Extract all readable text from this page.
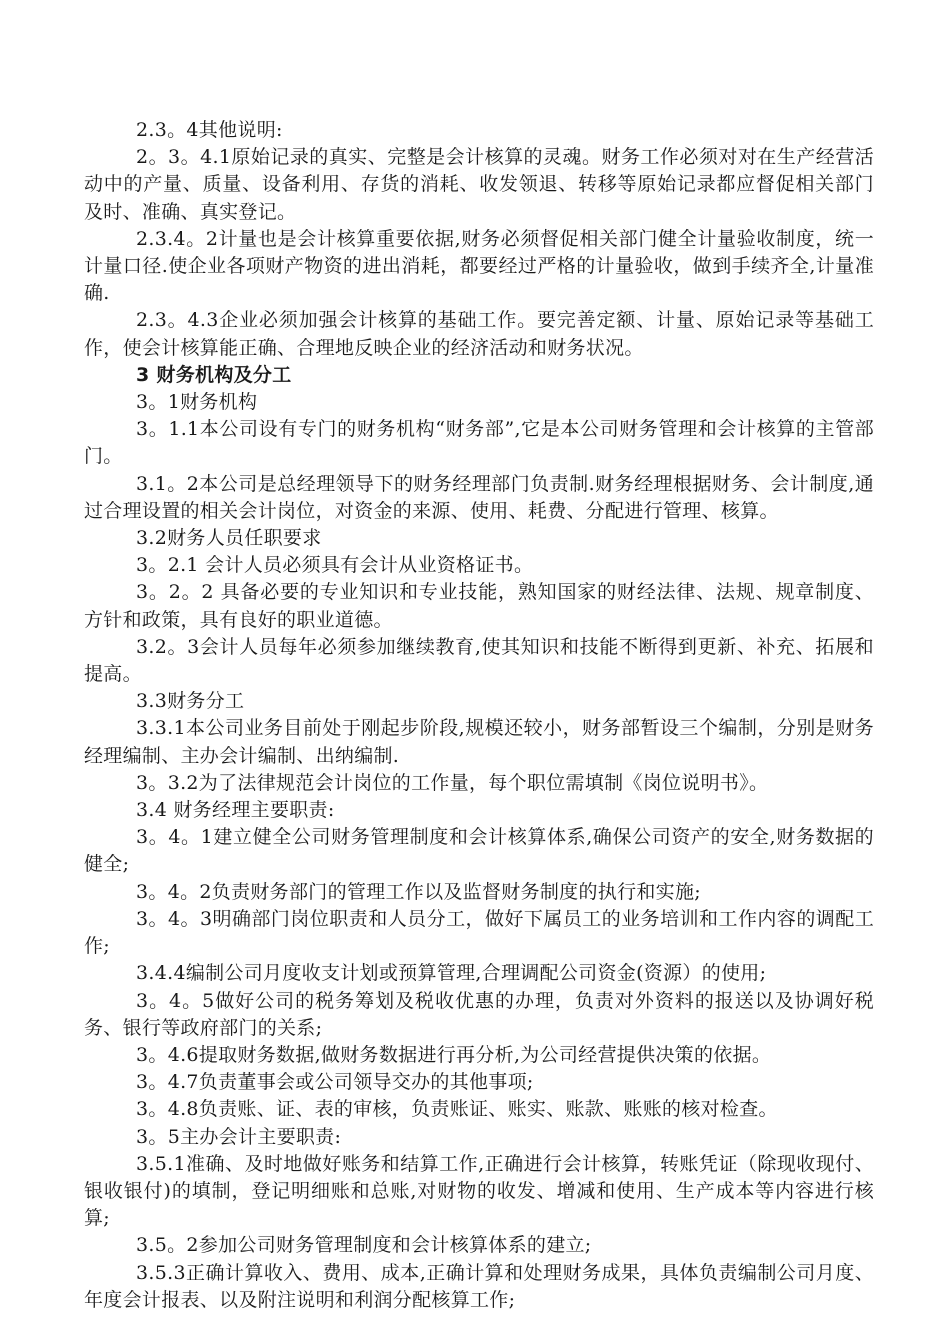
2.3。4其他说明:

2。3。4.1原始记录的真实、完整是会计核算的灵魂。财务工作必须对对在生产经营活动中的产量、质量、设备利用、存货的消耗、收发领退、转移等原始记录都应督促相关部门及时、准确、真实登记。

2.3.4。2计量也是会计核算重要依据,财务必须督促相关部门健全计量验收制度，统一计量口径.使企业各项财产物资的进出消耗，都要经过严格的计量验收，做到手续齐全,计量准确.

2.3。4.3企业必须加强会计核算的基础工作。要完善定额、计量、原始记录等基础工作，使会计核算能正确、合理地反映企业的经济活动和财务状况。

3 财务机构及分工

3。1财务机构

3。1.1本公司设有专门的财务机构“财务部”,它是本公司财务管理和会计核算的主管部门。

3.1。2本公司是总经理领导下的财务经理部门负责制.财务经理根据财务、会计制度,通过合理设置的相关会计岗位，对资金的来源、使用、耗费、分配进行管理、核算。

3.2财务人员任职要求

3。2.1 会计人员必须具有会计从业资格证书。

3。2。2 具备必要的专业知识和专业技能，熟知国家的财经法律、法规、规章制度、方针和政策，具有良好的职业道德。

3.2。3会计人员每年必须参加继续教育,使其知识和技能不断得到更新、补充、拓展和提高。

3.3财务分工

3.3.1本公司业务目前处于刚起步阶段,规模还较小，财务部暂设三个编制，分别是财务经理编制、主办会计编制、出纳编制.

3。3.2为了法律规范会计岗位的工作量，每个职位需填制《岗位说明书》。

3.4 财务经理主要职责:

3。4。1建立健全公司财务管理制度和会计核算体系,确保公司资产的安全,财务数据的健全;

3。4。2负责财务部门的管理工作以及监督财务制度的执行和实施;

3。4。3明确部门岗位职责和人员分工，做好下属员工的业务培训和工作内容的调配工作;

3.4.4编制公司月度收支计划或预算管理,合理调配公司资金(资源）的使用;

3。4。5做好公司的税务筹划及税收优惠的办理，负责对外资料的报送以及协调好税务、银行等政府部门的关系;

3。4.6提取财务数据,做财务数据进行再分析,为公司经营提供决策的依据。

3。4.7负责董事会或公司领导交办的其他事项;

3。4.8负责账、证、表的审核，负责账证、账实、账款、账账的核对检查。

3。5主办会计主要职责:

3.5.1准确、及时地做好账务和结算工作,正确进行会计核算，转账凭证（除现收现付、银收银付)的填制，登记明细账和总账,对财物的收发、增减和使用、生产成本等内容进行核算;

3.5。2参加公司财务管理制度和会计核算体系的建立;

3.5.3正确计算收入、费用、成本,正确计算和处理财务成果，具体负责编制公司月度、年度会计报表、以及附注说明和利润分配核算工作;
